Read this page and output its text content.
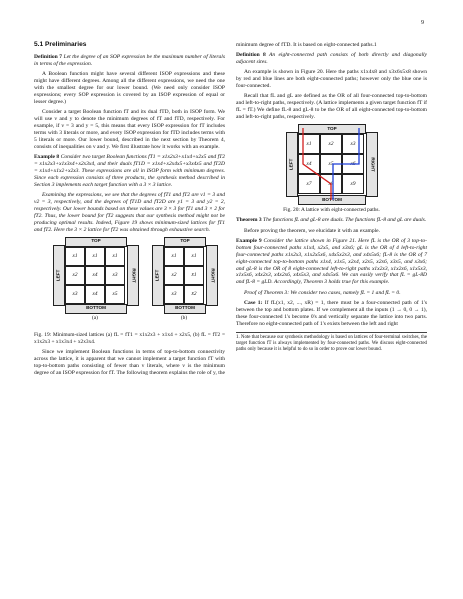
9
5.1 Preliminaries

Definition 7 Let the degree of an SOP expression be the maximum number of literals in terms of the expression.

A Boolean function might have several different ISOP expressions and these might have different degrees. Among all the different expressions, we need the one with the smallest degree for our lower bound. (We need only consider ISOP expressions; every SOP expression is covered by an ISOP expression of equal or lesser degree.)

Consider a target Boolean function fT and its dual fTD, both in ISOP form. We will use v and y to denote the minimum degrees of fT and fTD, respectively. For example, if v = 3 and y = 5, this means that every ISOP expression for fT includes terms with 3 literals or more, and every ISOP expression for fTD includes terms with 5 literals or more. Our lower bound, described in the next section by Theorem 4, consists of inequalities on v and y. We first illustrate how it works with an example.

Example 8 Consider two target Boolean functions fT1 = x1x2x3+x1x4+x2x5 and fT2 = x1x2x3+x1x3x4+x2x3x4, and their duals fT1D = x1x4+x2x4x5+x3x4x5 and fT2D = x1x4+x1x2+x2x3. These expressions are all in ISOP form with minimum degrees. Since each expression consists of three products, the synthesis method described in Section 3 implements each target function with a 3 × 3 lattice.

Examining the expressions, we see that the degrees of fT1 and fT2 are v1 = 3 and v2 = 3, respectively, and the degrees of fT1D and fT2D are y1 = 3 and y2 = 2, respectively. Our lower bounds based on these values are 3 × 3 for fT1 and 3 × 2 for fT2. Thus, the lower bound for fT2 suggests that our synthesis method might not be producing optimal results. Indeed, Figure 19 shows minimum-sized lattices for fT1 and fT2. Here the 3 × 2 lattice for fT2 was obtained through exhaustive search.

TOP
LEFT	RIGHT
BOTTOM
x1	x1	x1
x2	x4	x3
x3	x4	x5
(a)
TOP
LEFT	RIGHT
BOTTOM
x1	x1
x2	x̄1
x3	x̄2
(b)

Fig. 19: Minimum-sized lattices (a) fL = fT1 = x1x2x3 + x1x4 + x2x5, (b) fL = fT2 = x1x2x3 + x1x3x4 + x2x3x4.

Since we implement Boolean functions in terms of top-to-bottom connectivity across the lattice, it is apparent that we cannot implement a target function fT with top-to-bottom paths consisting of fewer than v literals, where v is the minimum degree of an ISOP expression for fT. The following theorem explains the role of y, the

minimum degree of fTD. It is based on eight-connected paths.1

Definition 8 An eight-connected path consists of both directly and diagonally adjacent sites.

An example is shown in Figure 20. Here the paths x1x4x8 and x3x6x5x8 shown by red and blue lines are both eight-connected paths; however only the blue one is four-connected.

Recall that fL and gL are defined as the OR of all four-connected top-to-bottom and left-to-right paths, respectively. (A lattice implements a given target function fT if fL = fT.) We define fL-8 and gL-8 to be the OR of all eight-connected top-to-bottom and left-to-right paths, respectively.

TOP
LEFT	RIGHT
BOTTOM
x1	x2	x3
x4	x5	x6
x7	x8	x9

Fig. 20: A lattice with eight-connected paths.

Theorem 3 The functions fL and gL-8 are duals. The functions fL-8 and gL are duals.

Before proving the theorem, we elucidate it with an example.

Example 9 Consider the lattice shown in Figure 21. Here fL is the OR of 3 top-to-bottom four-connected paths x1x4, x2x5, and x3x6; gL is the OR of 4 left-to-right four-connected paths x1x2x3, x1x2x5x6, x4x5x2x3, and x4x5x6; fL-8 is the OR of 7 eight-connected top-to-bottom paths x1x4, x1x5, x2x4, x2x5, x2x6, x3x5, and x3x6; and gL-8 is the OR of 8 eight-connected left-to-right paths x1x2x3, x1x2x6, x1x5x3, x1x5x6, x4x2x3, x4x2x6, x4x5x3, and x4x5x6. We can easily verify that fL = gL-8D and fL-8 = gLD. Accordingly, Theorem 3 holds true for this example.

Proof of Theorem 3: We consider two cases, namely fL = 1 and fL = 0.

Case 1: If fL(x1, x2, ..., xR) = 1, there must be a four-connected path of 1's between the top and bottom plates. If we complement all the inputs (1 → 0, 0 → 1), these four-connected 1's become 0's and vertically separate the lattice into two parts. Therefore no eight-connected path of 1's exists between the left and right

1. Note that because our synthesis methodology is based on lattices of four-terminal switches, the target function fT is always implemented by four-connected paths. We discuss eight-connected paths only because it is helpful to do so in order to prove our lower bound.
